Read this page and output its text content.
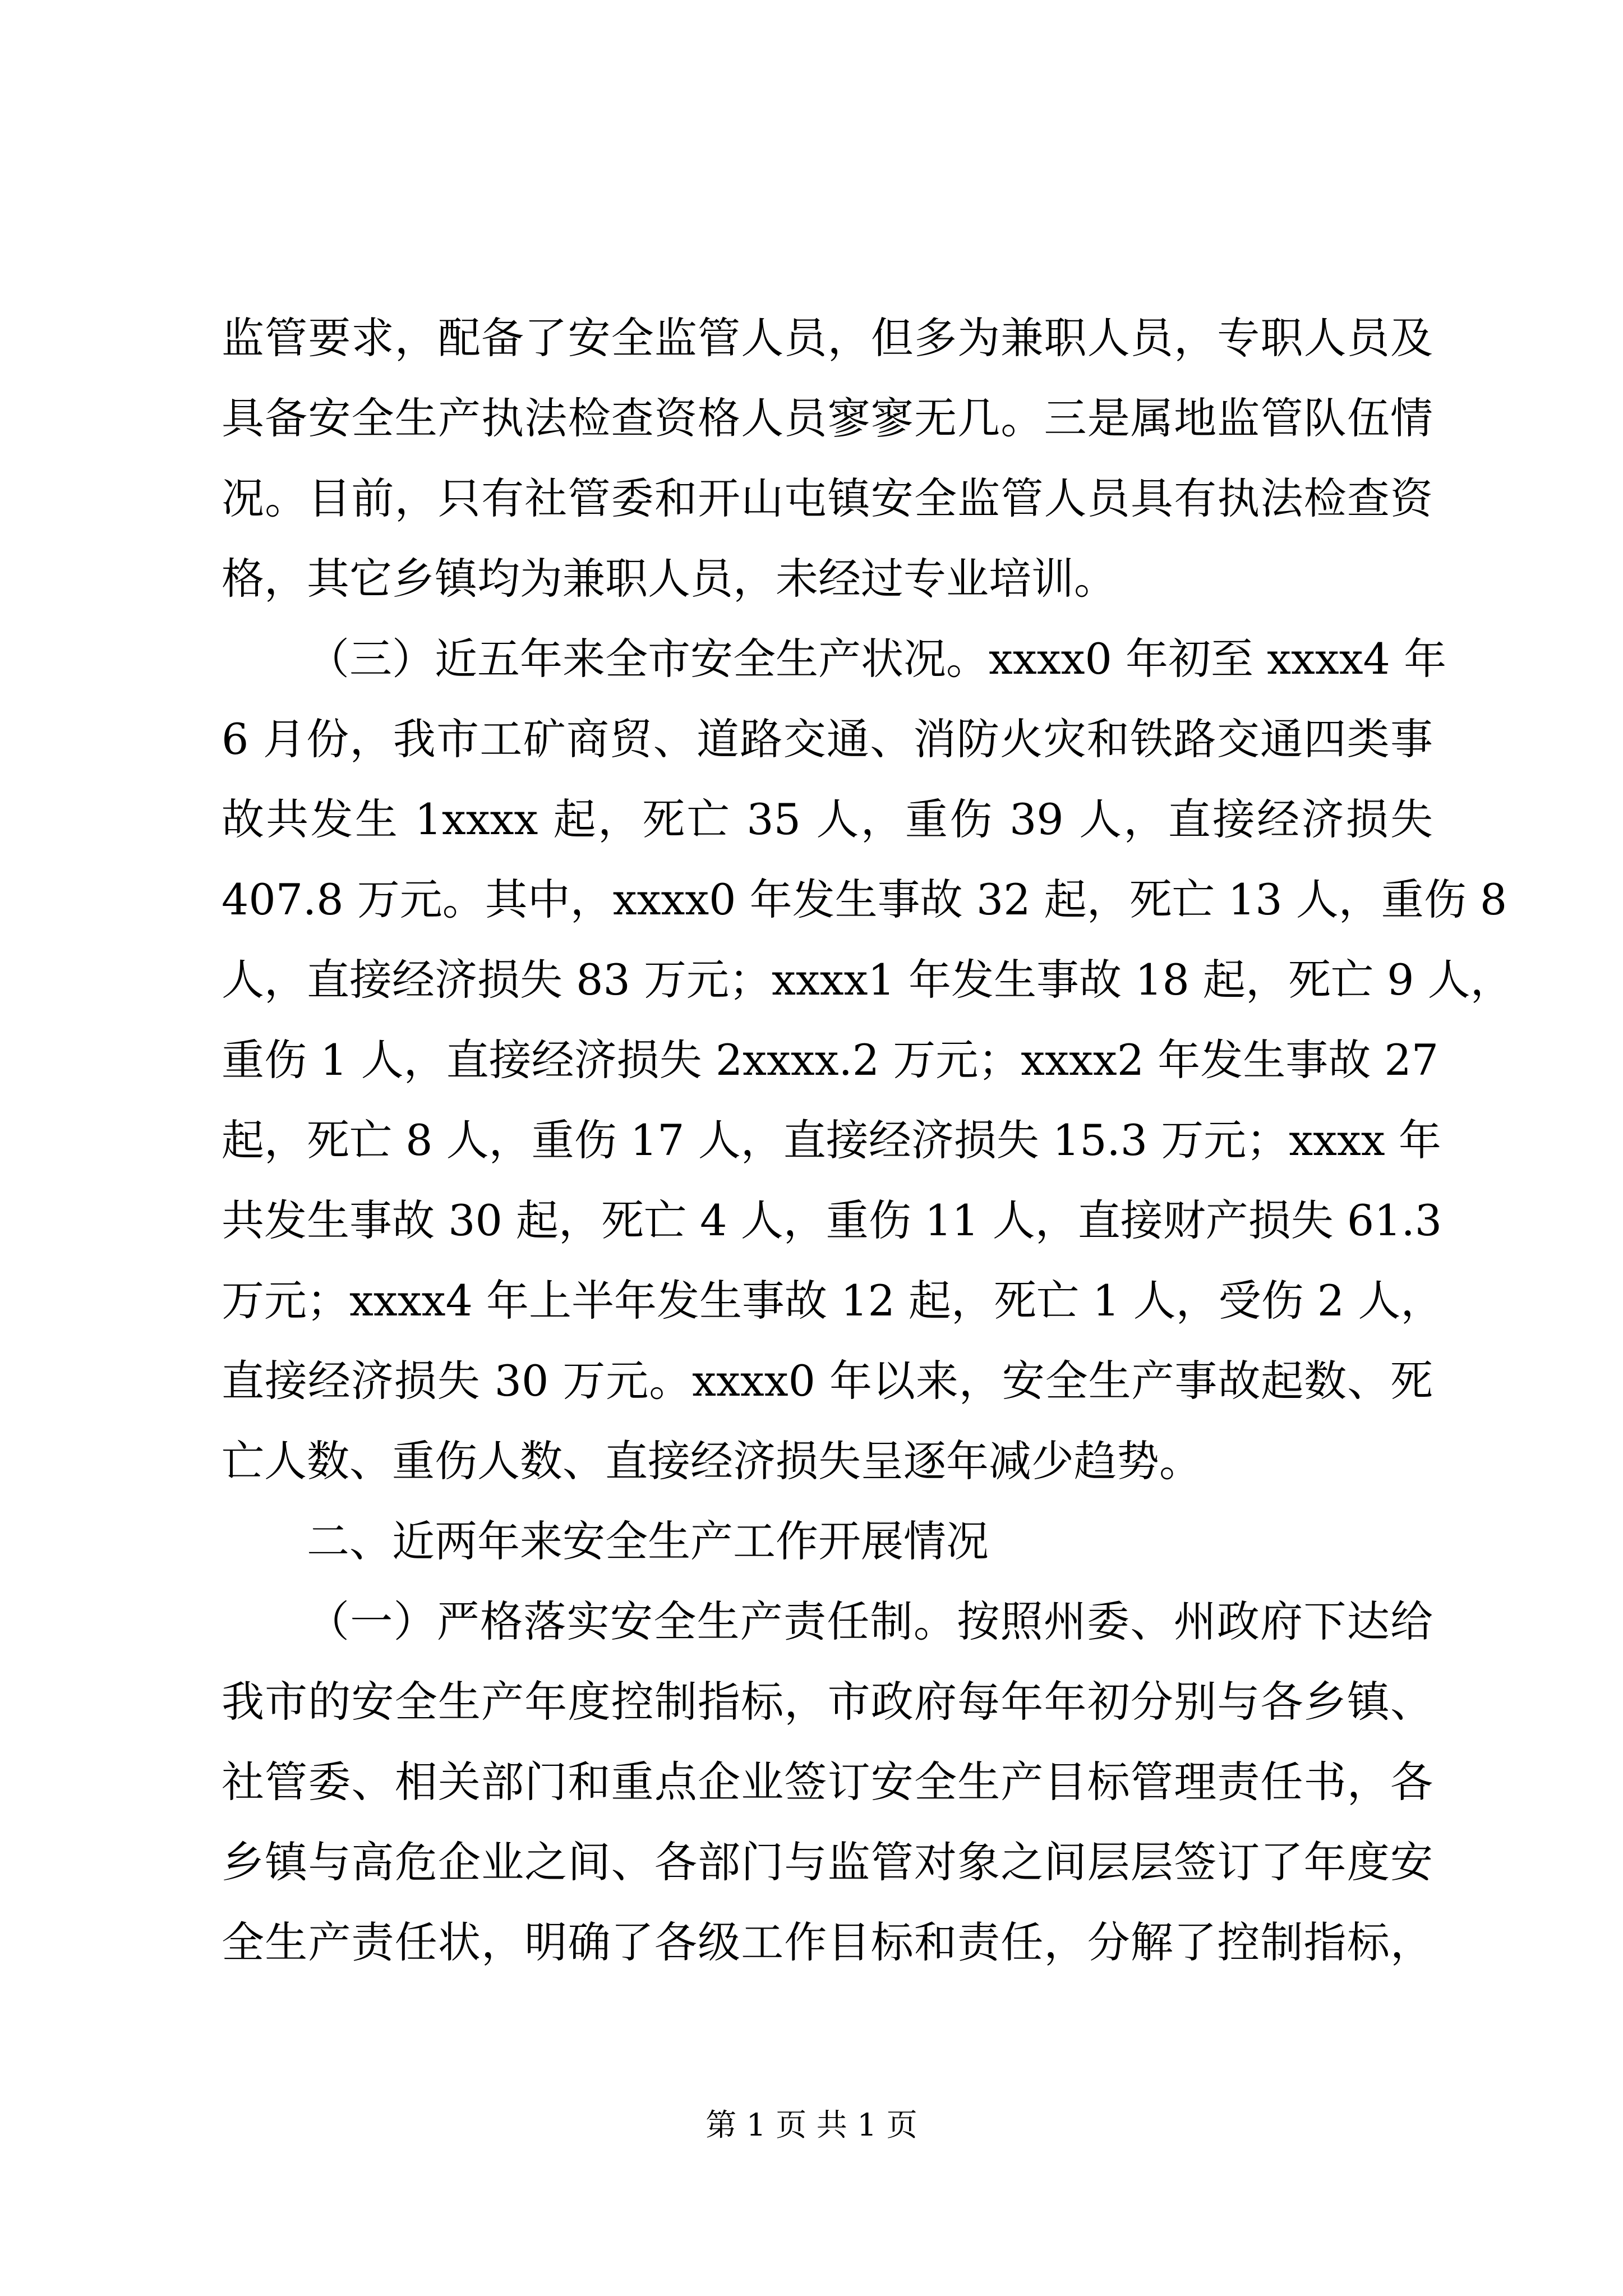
监管要求，配备了安全监管人员，但多为兼职人员，专职人员及
具备安全生产执法检查资格人员寥寥无几。三是属地监管队伍情
况。目前，只有社管委和开山屯镇安全监管人员具有执法检查资
格，其它乡镇均为兼职人员，未经过专业培训。
（三）近五年来全市安全生产状况。xxxx0 年初至 xxxx4 年
6 月份，我市工矿商贸、道路交通、消防火灾和铁路交通四类事
故共发生 1xxxx 起，死亡 35 人，重伤 39 人，直接经济损失
407.8 万元。其中，xxxx0 年发生事故 32 起，死亡 13 人，重伤 8
人，直接经济损失 83 万元；xxxx1 年发生事故 18 起，死亡 9 人，
重伤 1 人，直接经济损失 2xxxx.2 万元；xxxx2 年发生事故 27
起，死亡 8 人，重伤 17 人，直接经济损失 15.3 万元；xxxx 年
共发生事故 30 起，死亡 4 人，重伤 11 人，直接财产损失 61.3
万元；xxxx4 年上半年发生事故 12 起，死亡 1 人，受伤 2 人，
直接经济损失 30 万元。xxxx0 年以来，安全生产事故起数、死
亡人数、重伤人数、直接经济损失呈逐年减少趋势。
二、近两年来安全生产工作开展情况
（一）严格落实安全生产责任制。按照州委、州政府下达给
我市的安全生产年度控制指标，市政府每年年初分别与各乡镇、
社管委、相关部门和重点企业签订安全生产目标管理责任书，各
乡镇与高危企业之间、各部门与监管对象之间层层签订了年度安
全生产责任状，明确了各级工作目标和责任，分解了控制指标，
第 1 页 共 1 页
